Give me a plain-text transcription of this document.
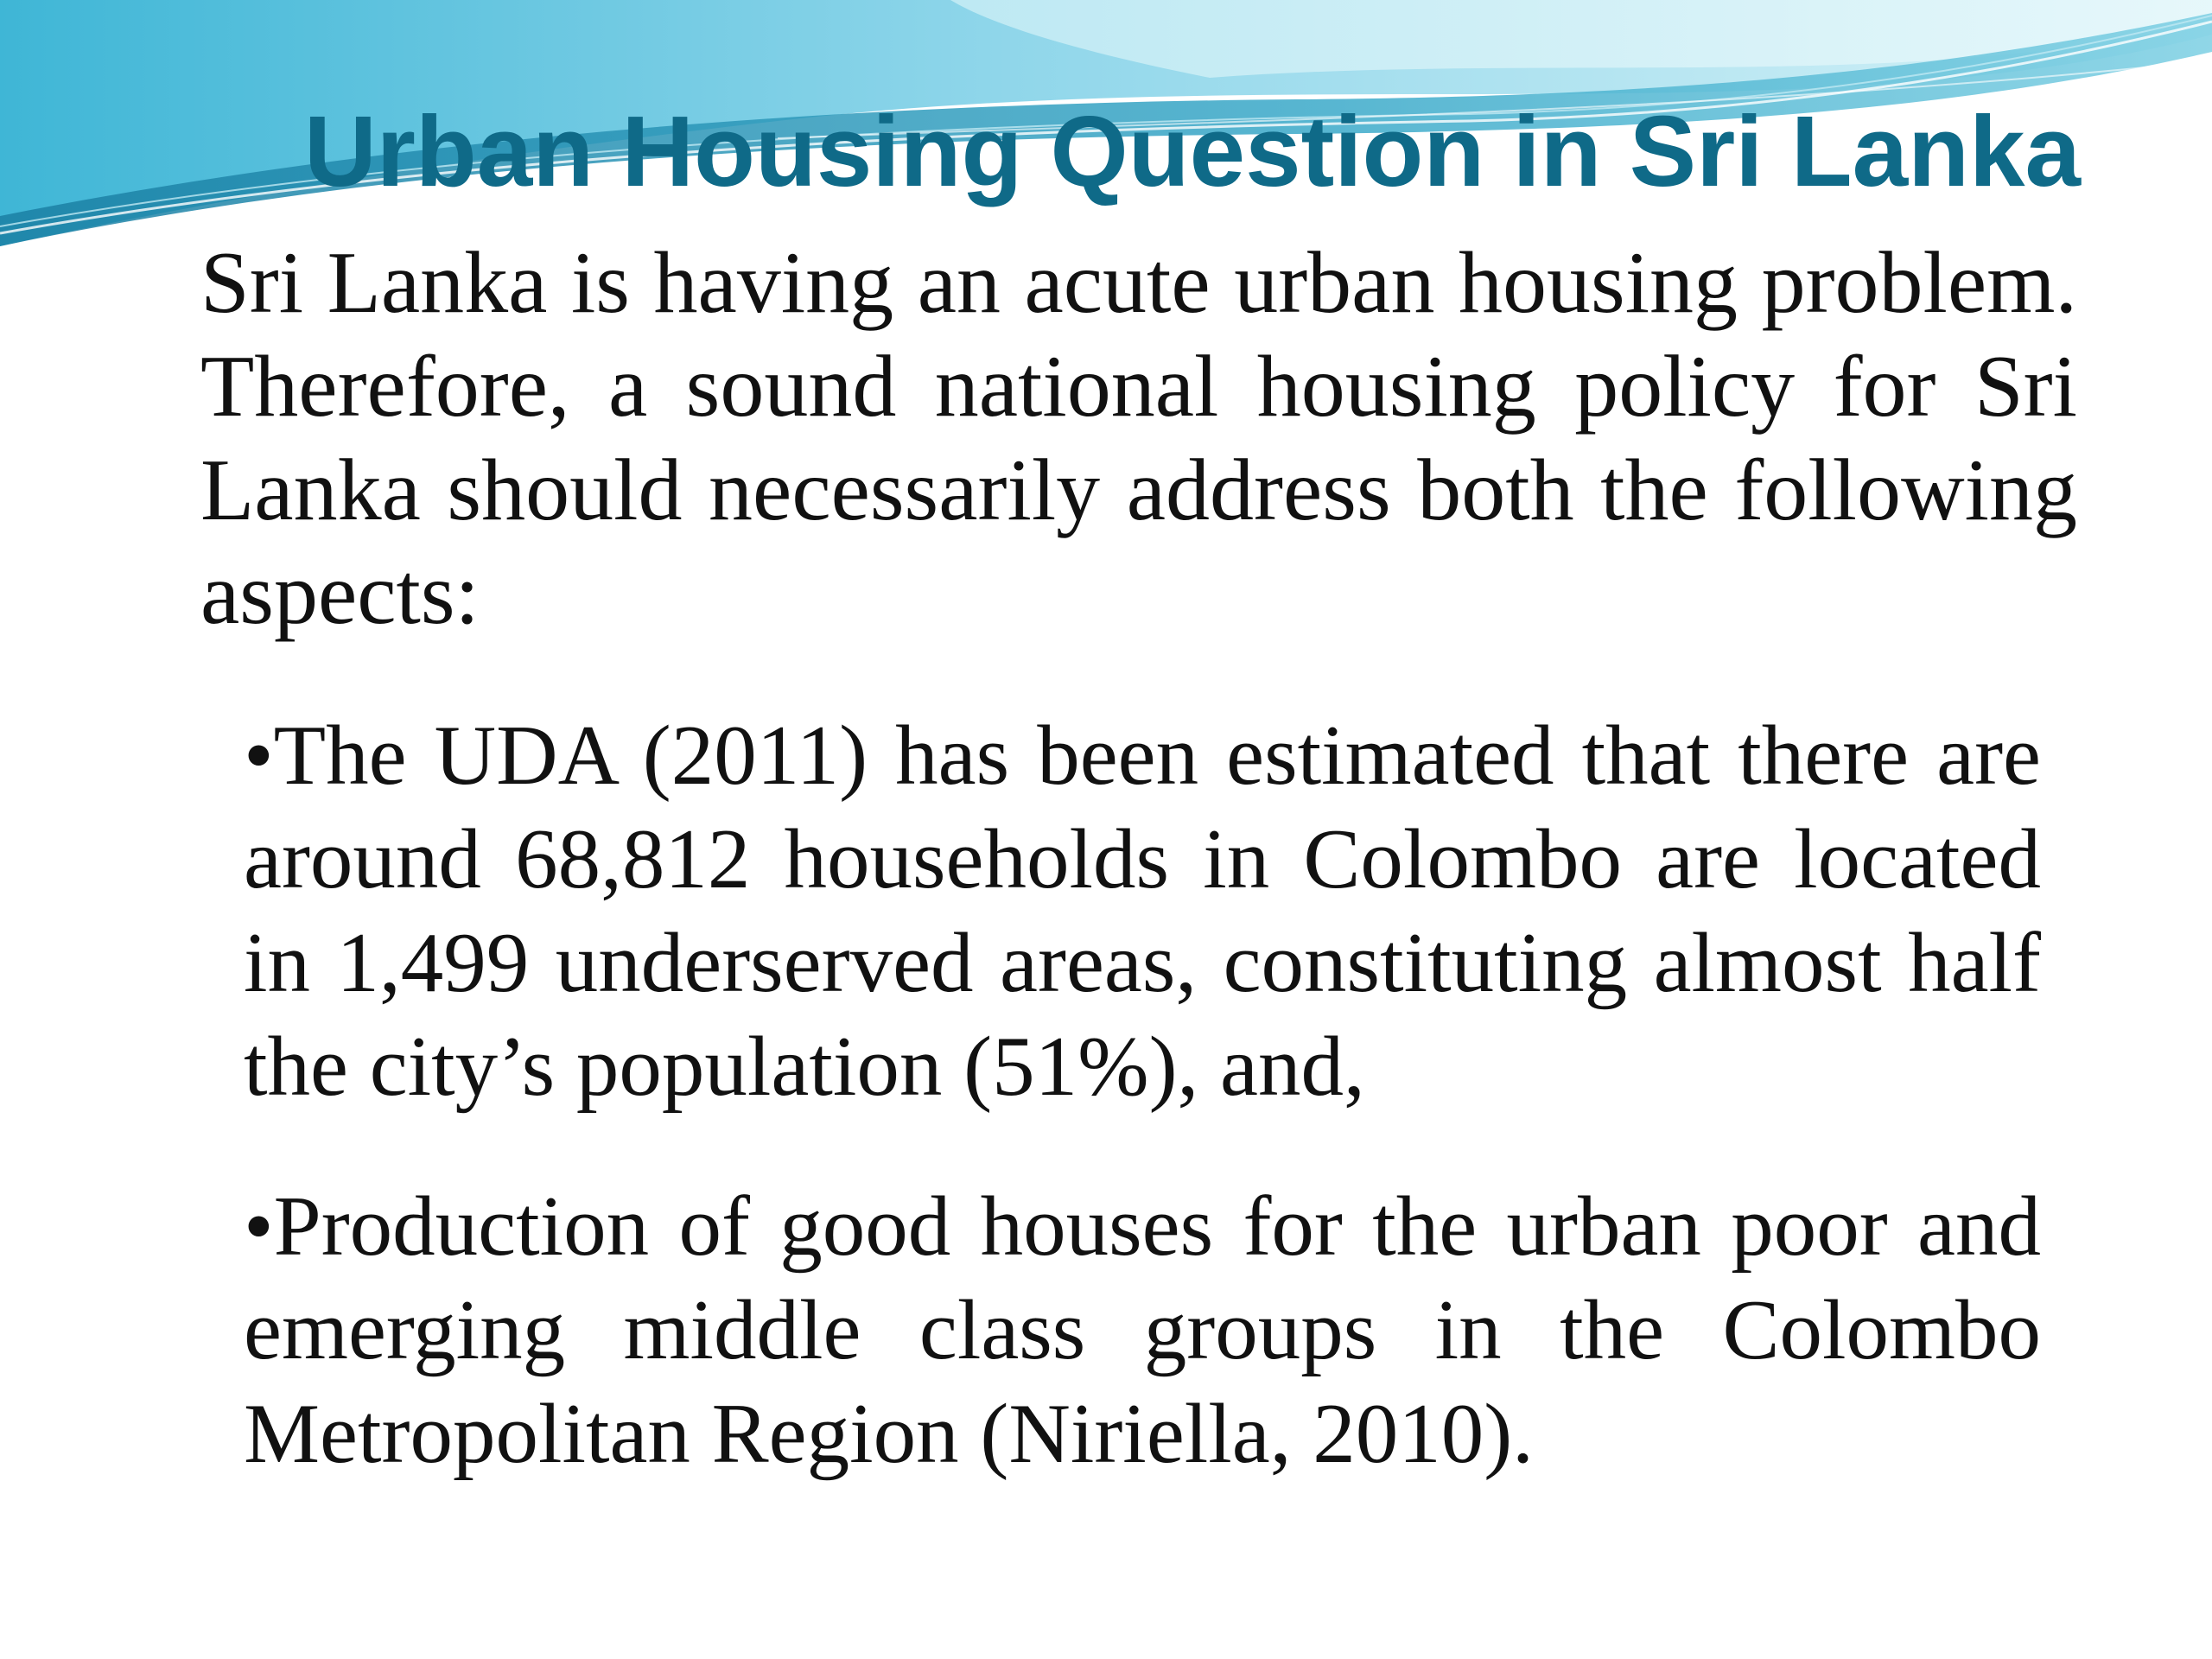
Urban Housing Question in Sri Lanka

Sri Lanka is having an acute urban housing problem. Therefore, a sound national housing policy for Sri Lanka should necessarily address both the following aspects:

•The UDA (2011) has been estimated that there are around 68,812 households in Colombo are located in 1,499 underserved areas, constituting almost half the city’s population (51%), and,

•Production of good houses for the urban poor and emerging middle class groups in the Colombo Metropolitan Region (Niriella, 2010).
